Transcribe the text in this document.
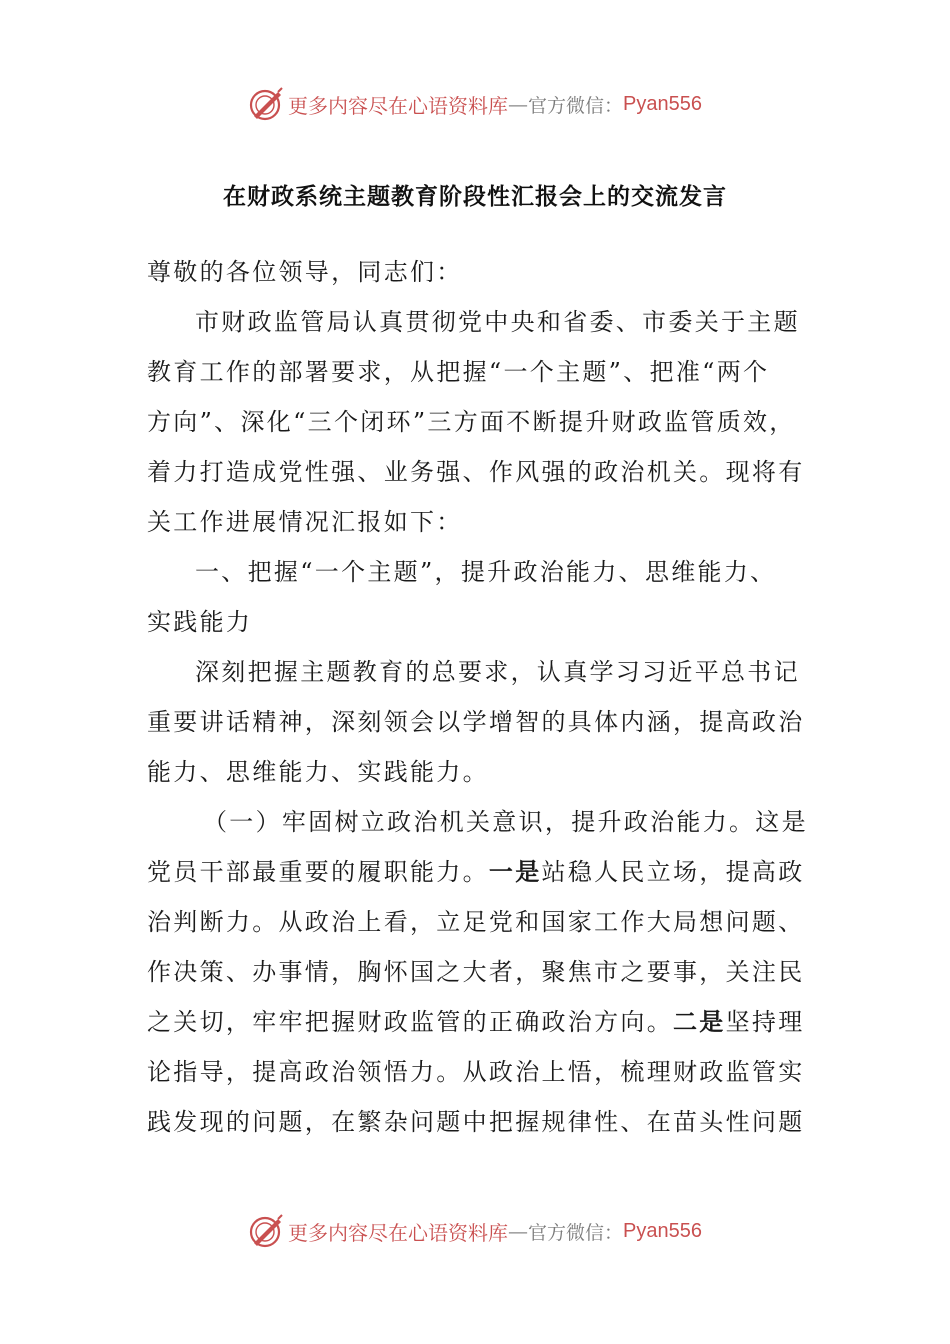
更多内容尽在心语资料库 — 官方微信： Pyan556
在财政系统主题教育阶段性汇报会上的交流发言
尊敬的各位领导，同志们：
市财政监管局认真贯彻党中央和省委、市委关于主题
教育工作的部署要求，从把握“一个主题”、把准“两个
方向”、深化“三个闭环”三方面不断提升财政监管质效，
着力打造成党性强、业务强、作风强的政治机关。现将有
关工作进展情况汇报如下：
一、把握“一个主题”，提升政治能力、思维能力、
实践能力
深刻把握主题教育的总要求，认真学习习近平总书记
重要讲话精神，深刻领会以学增智的具体内涵，提高政治
能力、思维能力、实践能力。
（一）牢固树立政治机关意识，提升政治能力。这是
党员干部最重要的履职能力。一是站稳人民立场，提高政
治判断力。从政治上看，立足党和国家工作大局想问题、
作决策、办事情，胸怀国之大者，聚焦市之要事，关注民
之关切，牢牢把握财政监管的正确政治方向。二是坚持理
论指导，提高政治领悟力。从政治上悟，梳理财政监管实
践发现的问题，在繁杂问题中把握规律性、在苗头性问题
更多内容尽在心语资料库 — 官方微信： Pyan556
